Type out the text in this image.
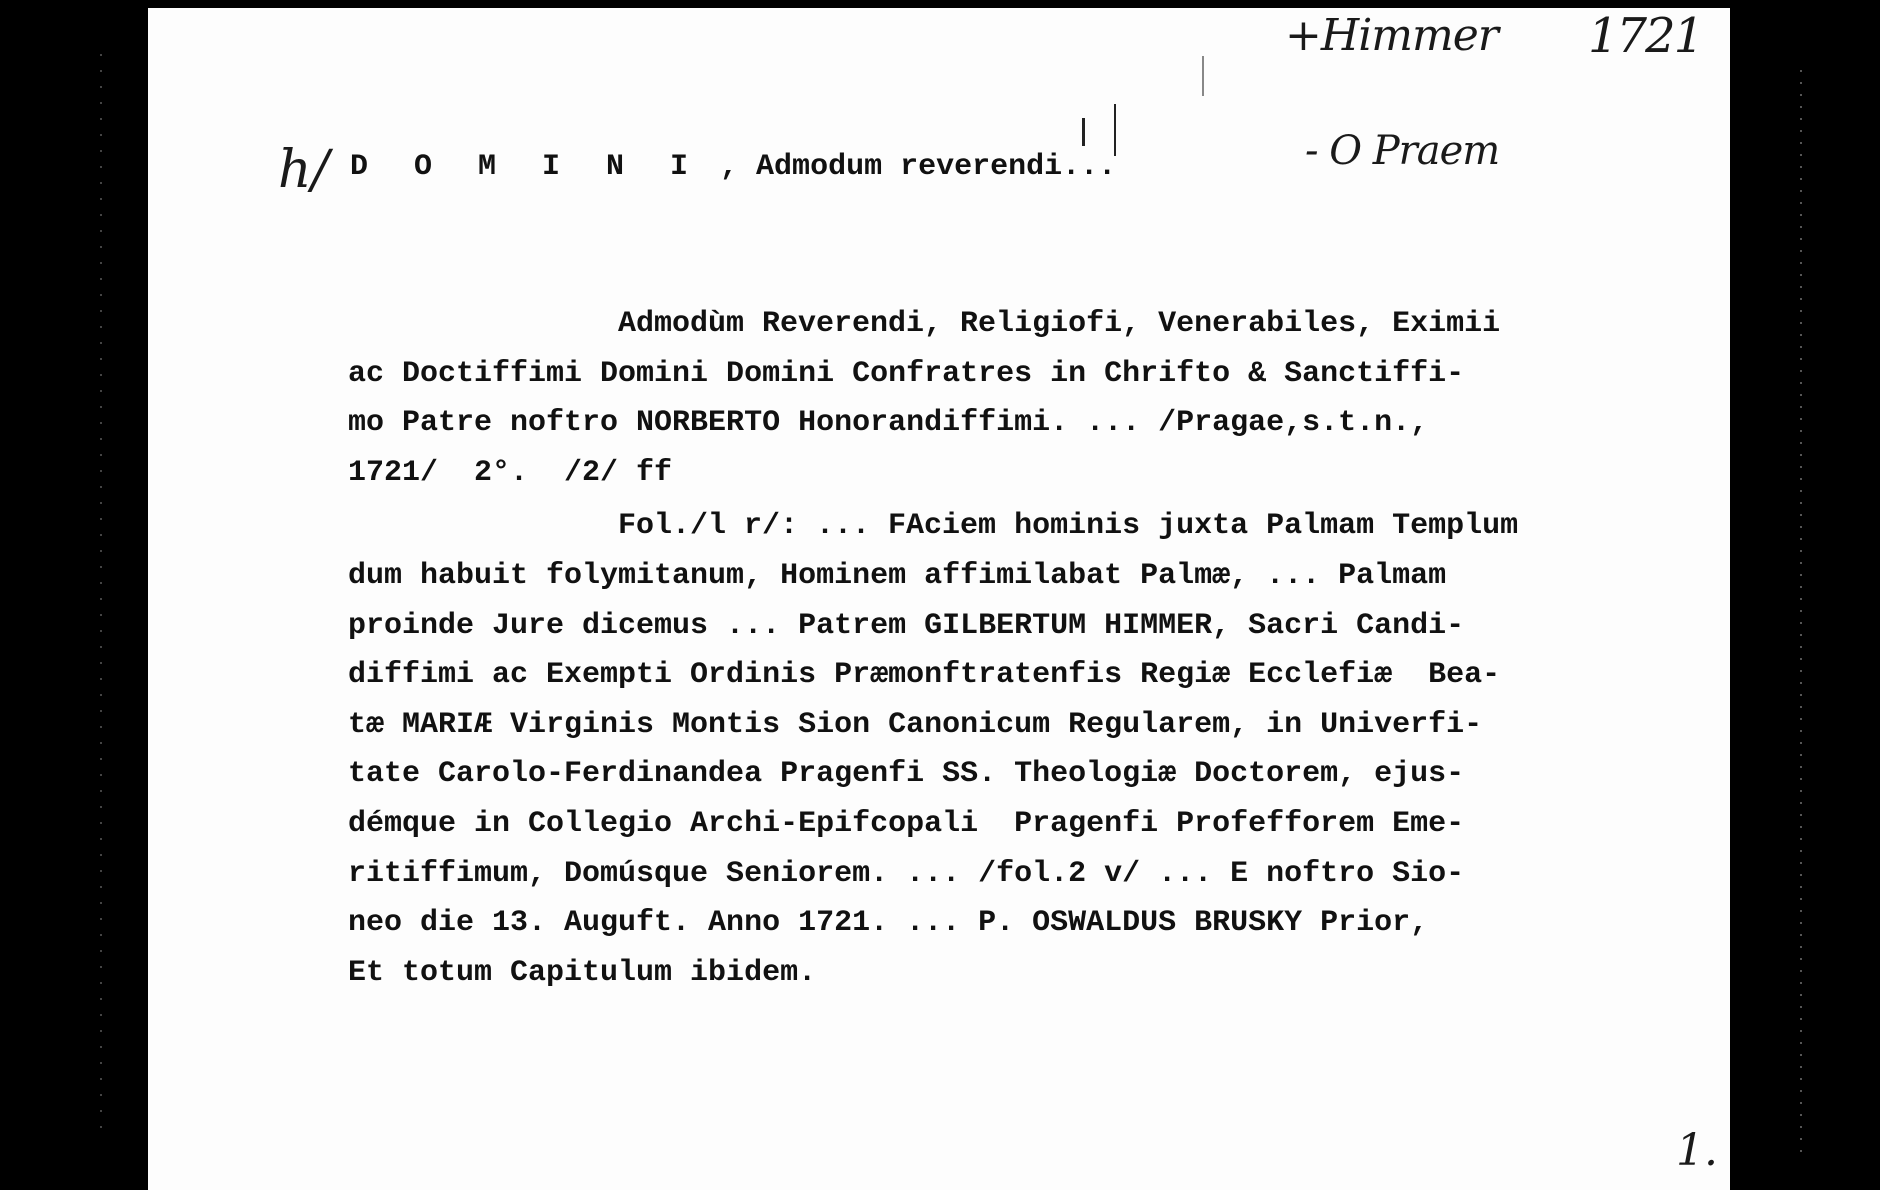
+Himmer 1721
- O Praem
h/
1.
D O M I N I , Admodum reverendi...
Admodùm Reverendi, Religiofi, Venerabiles, Eximii
ac Doctiffimi Domini Domini Confratres in Chrifto & Sanctiffi-
mo Patre noftro NORBERTO Honorandiffimi. ... /Pragae,s.t.n.,
1721/  2°.  /2/ ff
Fol./l r/: ... FAciem hominis juxta Palmam Templum
dum habuit folymitanum, Hominem affimilabat Palmæ, ... Palmam
proinde Jure dicemus ... Patrem GILBERTUM HIMMER, Sacri Candi-
diffimi ac Exempti Ordinis Præmonftratenfis Regiæ Ecclefiæ  Bea-
tæ MARIÆ Virginis Montis Sion Canonicum Regularem, in Univerfi-
tate Carolo-Ferdinandea Pragenfi SS. Theologiæ Doctorem, ejus-
démque in Collegio Archi-Epifcopali  Pragenfi Profefforem Eme-
ritiffimum, Domúsque Seniorem. ... /fol.2 v/ ... E noftro Sio-
neo die 13. Auguft. Anno 1721. ... P. OSWALDUS BRUSKY Prior,
Et totum Capitulum ibidem.
